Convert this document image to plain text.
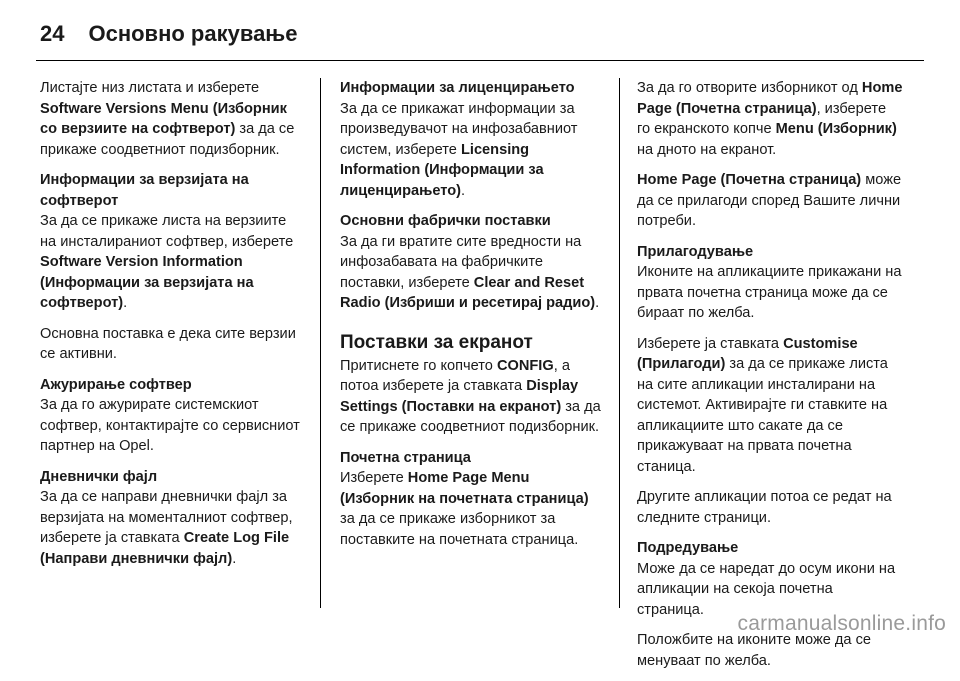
24 Основно ракување

Листајте низ листата и изберете Software Versions Menu (Изборник со верзиите на софтверот) за да се прикаже соодветниот подизборник.

Информации за верзијата на софтверот
За да се прикаже листа на верзиите на инсталираниот софтвер, изберете Software Version Information (Информации за верзијата на софтверот).

Основна поставка е дека сите верзии се активни.

Ажурирање софтвер
За да го ажурирате системскиот софтвер, контактирајте со сервисниот партнер на Opel.

Дневнички фајл
За да се направи дневнички фајл за верзијата на моменталниот софтвер, изберете ја ставката Create Log File (Направи дневнички фајл).

Информации за лиценцирањето
За да се прикажат информации за произведувачот на инфозабавниот систем, изберете Licensing Information (Информации за лиценцирањето).

Основни фабрички поставки
За да ги вратите сите вредности на инфозабавата на фабричките поставки, изберете Clear and Reset Radio (Избриши и ресетирај радио).

Поставки за екранот

Притиснете го копчето CONFIG, а потоа изберете ја ставката Display Settings (Поставки на екранот) за да се прикаже соодветниот подизборник.

Почетна страница
Изберете Home Page Menu (Изборник на почетната страница) за да се прикаже изборникот за поставките на почетната страница.

За да го отворите изборникот од Home Page (Почетна страница), изберете го екранското копче Menu (Изборник) на дното на екранот.

Home Page (Почетна страница) може да се прилагоди според Вашите лични потреби.

Прилагодување

Иконите на апликациите прикажани на првата почетна страница може да се бираат по желба.

Изберете ја ставката Customise (Прилагоди) за да се прикаже листа на сите апликации инсталирани на системот. Активирајте ги ставките на апликациите што сакате да се прикажуваат на првата почетна станица.

Другите апликации потоа се редат на следните страници.

Подредување

Може да се наредат до осум икони на апликации на секоја почетна страница.

Положбите на иконите може да се менуваат по желба.

carmanualsonline.info
